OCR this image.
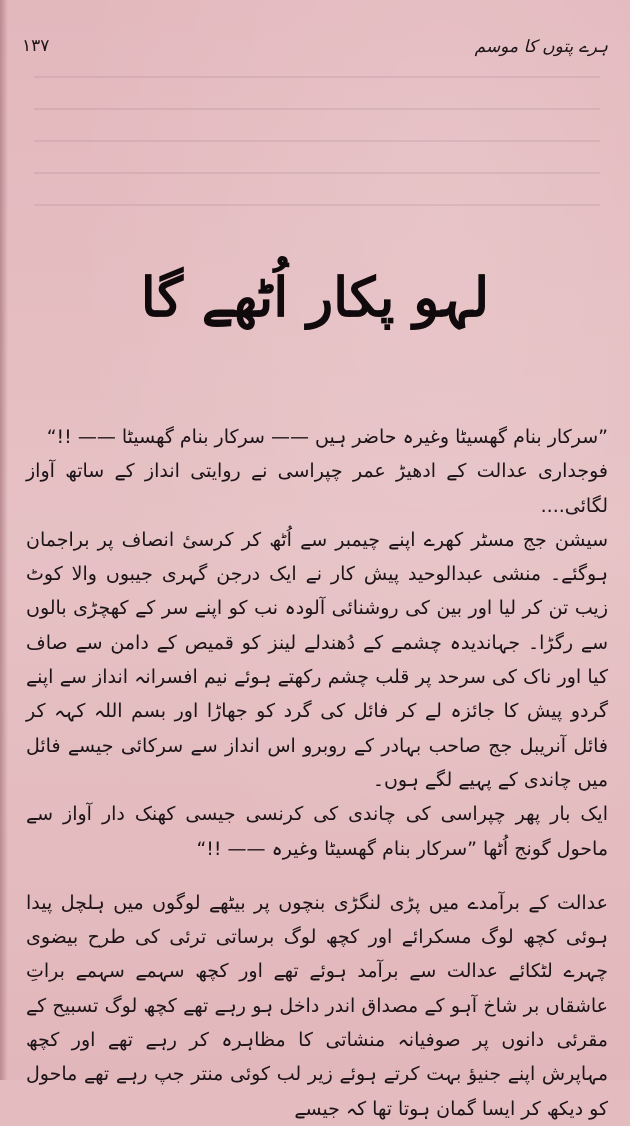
ہرے پتوں کا موسم
١٣٧
لہو پکار اُٹھے گا

”سرکار بنام گھسیٹا وغیرہ حاضر ہیں —— سرکار بنام گھسیٹا —— !!“

فوجداری عدالت کے ادھیڑ عمر چپراسی نے روایتی انداز کے ساتھ آواز لگائی....

سیشن جج مسٹر کھرے اپنے چیمبر سے اُٹھ کر کرسیٔ انصاف پر براجمان ہوگئے۔ منشی عبدالوحید پیش کار نے ایک درجن گہری جیبوں والا کوٹ زیب تن کر لیا اور بین کی روشنائی آلودہ نب کو اپنے سر کے کھچڑی بالوں سے رگڑا۔ جہاندیدہ چشمے کے دُھندلے لینز کو قمیص کے دامن سے صاف کیا اور ناک کی سرحد پر قلب چشم رکھتے ہوئے نیم افسرانہ انداز سے اپنے گردو پیش کا جائزہ لے کر فائل کی گرد کو جھاڑا اور بسم اللہ کہہ کر فائل آنریبل جج صاحب بہادر کے روبرو اس انداز سے سرکائی جیسے فائل میں چاندی کے پہیے لگے ہوں۔

ایک بار پھر چپراسی کی چاندی کی کرنسی جیسی کھنک دار آواز سے ماحول گونج اُٹھا ”سرکار بنام گھسیٹا وغیرہ —— !!“

عدالت کے برآمدے میں پڑی لنگڑی بنچوں پر بیٹھے لوگوں میں ہلچل پیدا ہوئی کچھ لوگ مسکرائے اور کچھ لوگ برساتی ترئی کی طرح بیضوی چہرے لٹکائے عدالت سے برآمد ہوئے تھے اور کچھ سہمے سہمے براتِ عاشقاں بر شاخ آہو کے مصداق اندر داخل ہو رہے تھے کچھ لوگ تسبیح کے مقرئی دانوں پر صوفیانہ منشاتی کا مظاہرہ کر رہے تھے اور کچھ مہاپرش اپنے جنیؤ بہت کرتے ہوئے زیر لب کوئی منتر جپ رہے تھے ماحول کو دیکھ کر ایسا گمان ہوتا تھا کہ جیسے
